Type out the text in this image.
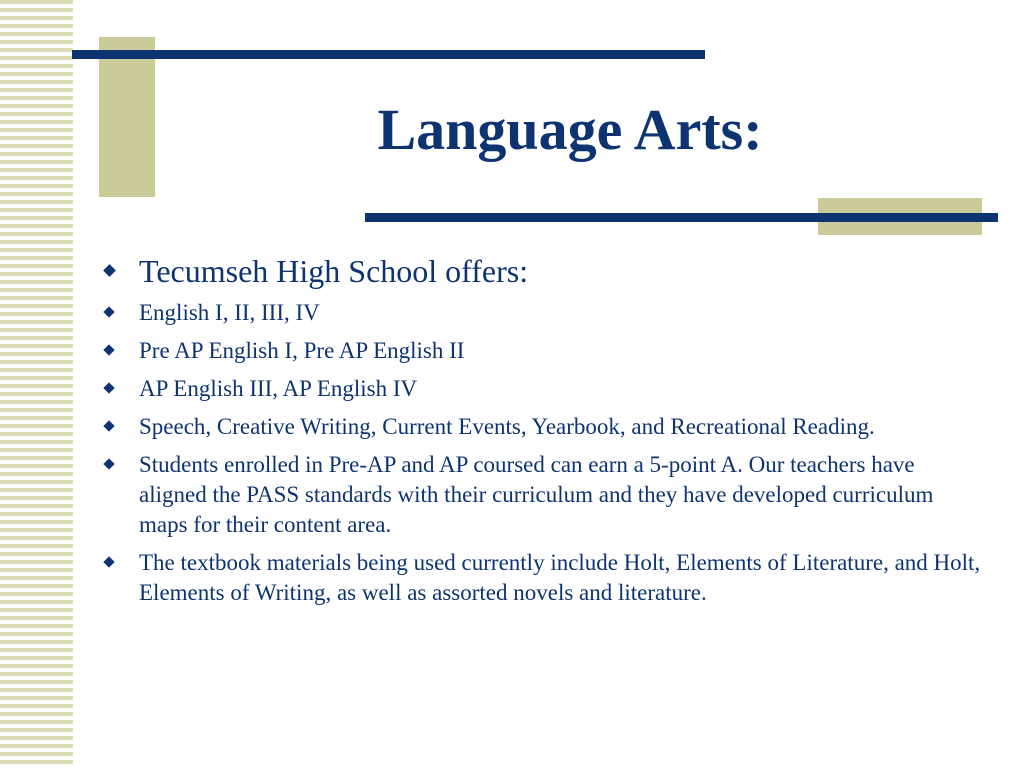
Language Arts:
Tecumseh High School offers:
English I, II, III, IV
Pre AP English I, Pre AP English II
AP English III, AP English IV
Speech, Creative Writing, Current Events, Yearbook, and Recreational Reading.
Students enrolled in Pre-AP and AP coursed can earn a 5-point A. Our teachers have aligned the PASS standards with their curriculum and they have developed curriculum maps for their content area.
The textbook materials being used currently include Holt, Elements of Literature, and Holt, Elements of Writing, as well as assorted novels and literature.
